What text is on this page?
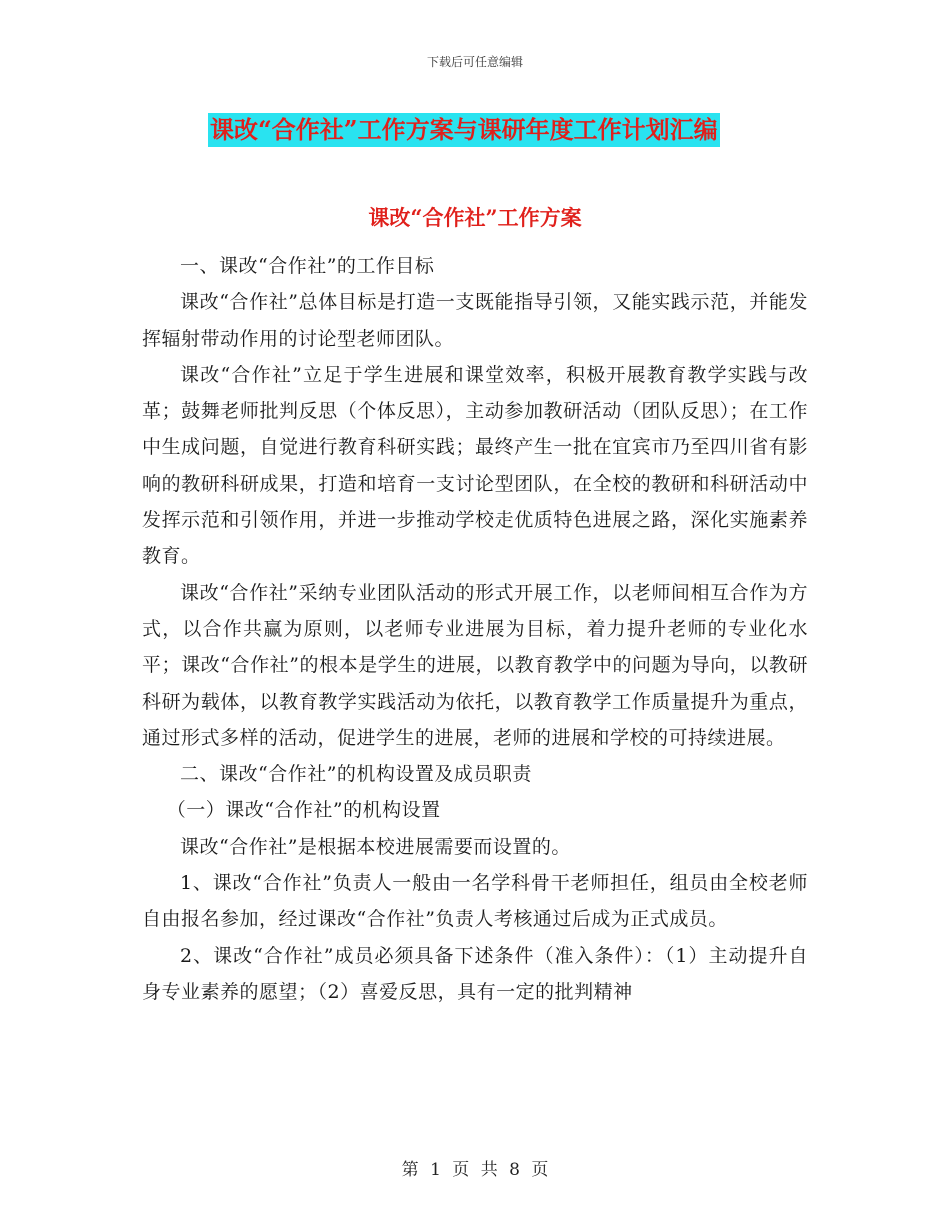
下载后可任意编辑
课改“合作社”工作方案与课研年度工作计划汇编
课改“合作社”工作方案

一、课改“合作社”的工作目标

课改“合作社”总体目标是打造一支既能指导引领，又能实践示范，并能发挥辐射带动作用的讨论型老师团队。

课改“合作社”立足于学生进展和课堂效率，积极开展教育教学实践与改革；鼓舞老师批判反思（个体反思），主动参加教研活动（团队反思）；在工作中生成问题，自觉进行教育科研实践；最终产生一批在宜宾市乃至四川省有影响的教研科研成果，打造和培育一支讨论型团队，在全校的教研和科研活动中发挥示范和引领作用，并进一步推动学校走优质特色进展之路，深化实施素养教育。

课改“合作社”采纳专业团队活动的形式开展工作，以老师间相互合作为方式，以合作共赢为原则，以老师专业进展为目标，着力提升老师的专业化水平；课改“合作社”的根本是学生的进展，以教育教学中的问题为导向，以教研科研为载体，以教育教学实践活动为依托，以教育教学工作质量提升为重点，通过形式多样的活动，促进学生的进展，老师的进展和学校的可持续进展。

二、课改“合作社”的机构设置及成员职责

（一）课改“合作社”的机构设置

课改“合作社”是根据本校进展需要而设置的。

1、课改“合作社”负责人一般由一名学科骨干老师担任，组员由全校老师自由报名参加，经过课改“合作社”负责人考核通过后成为正式成员。

2、课改“合作社”成员必须具备下述条件（准入条件）：（1）主动提升自身专业素养的愿望；（2）喜爱反思，具有一定的批判精神

第 1 页 共 8 页
